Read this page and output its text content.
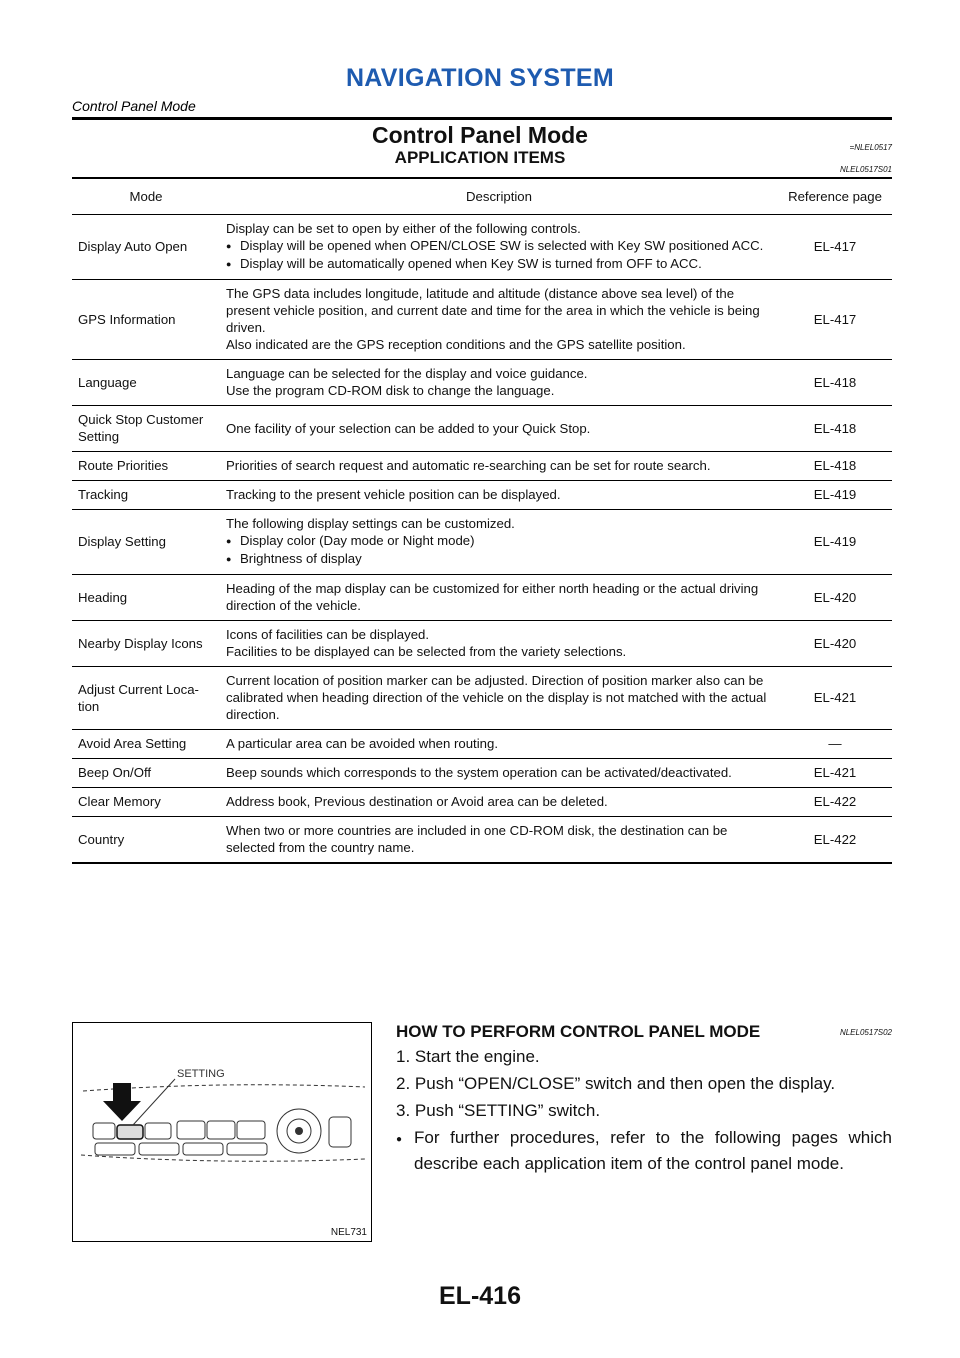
NAVIGATION SYSTEM
Control Panel Mode
Control Panel Mode	=NLEL0517
APPLICATION ITEMS
NLEL0517S01
Mode	Description	Reference page
Display Auto Open	Display can be set to open by either of the following controls.
● Display will be opened when OPEN/CLOSE SW is selected with Key SW positioned ACC.
● Display will be automatically opened when Key SW is turned from OFF to ACC.	EL-417
GPS Information	The GPS data includes longitude, latitude and altitude (distance above sea level) of the present vehicle position, and current date and time for the area in which the vehicle is being driven.
Also indicated are the GPS reception conditions and the GPS satellite position.	EL-417
Language	Language can be selected for the display and voice guidance.
Use the program CD-ROM disk to change the language.	EL-418
Quick Stop Customer Setting	One facility of your selection can be added to your Quick Stop.	EL-418
Route Priorities	Priorities of search request and automatic re-searching can be set for route search.	EL-418
Tracking	Tracking to the present vehicle position can be displayed.	EL-419
Display Setting	The following display settings can be customized.
● Display color (Day mode or Night mode)
● Brightness of display	EL-419
Heading	Heading of the map display can be customized for either north heading or the actual driving direction of the vehicle.	EL-420
Nearby Display Icons	Icons of facilities can be displayed.
Facilities to be displayed can be selected from the variety selections.	EL-420
Adjust Current Loca-tion	Current location of position marker can be adjusted. Direction of position marker also can be calibrated when heading direction of the vehicle on the display is not matched with the actual direction.	EL-421
Avoid Area Setting	A particular area can be avoided when routing.	—
Beep On/Off	Beep sounds which corresponds to the system operation can be activated/deactivated.	EL-421
Clear Memory	Address book, Previous destination or Avoid area can be deleted.	EL-422
Country	When two or more countries are included in one CD-ROM disk, the destination can be selected from the country name.	EL-422
SETTING
NEL731
HOW TO PERFORM CONTROL PANEL MODE	NLEL0517S02
1. Start the engine.
2. Push “OPEN/CLOSE” switch and then open the display.
3. Push “SETTING” switch.
● For further procedures, refer to the following pages which describe each application item of the control panel mode.
EL-416
